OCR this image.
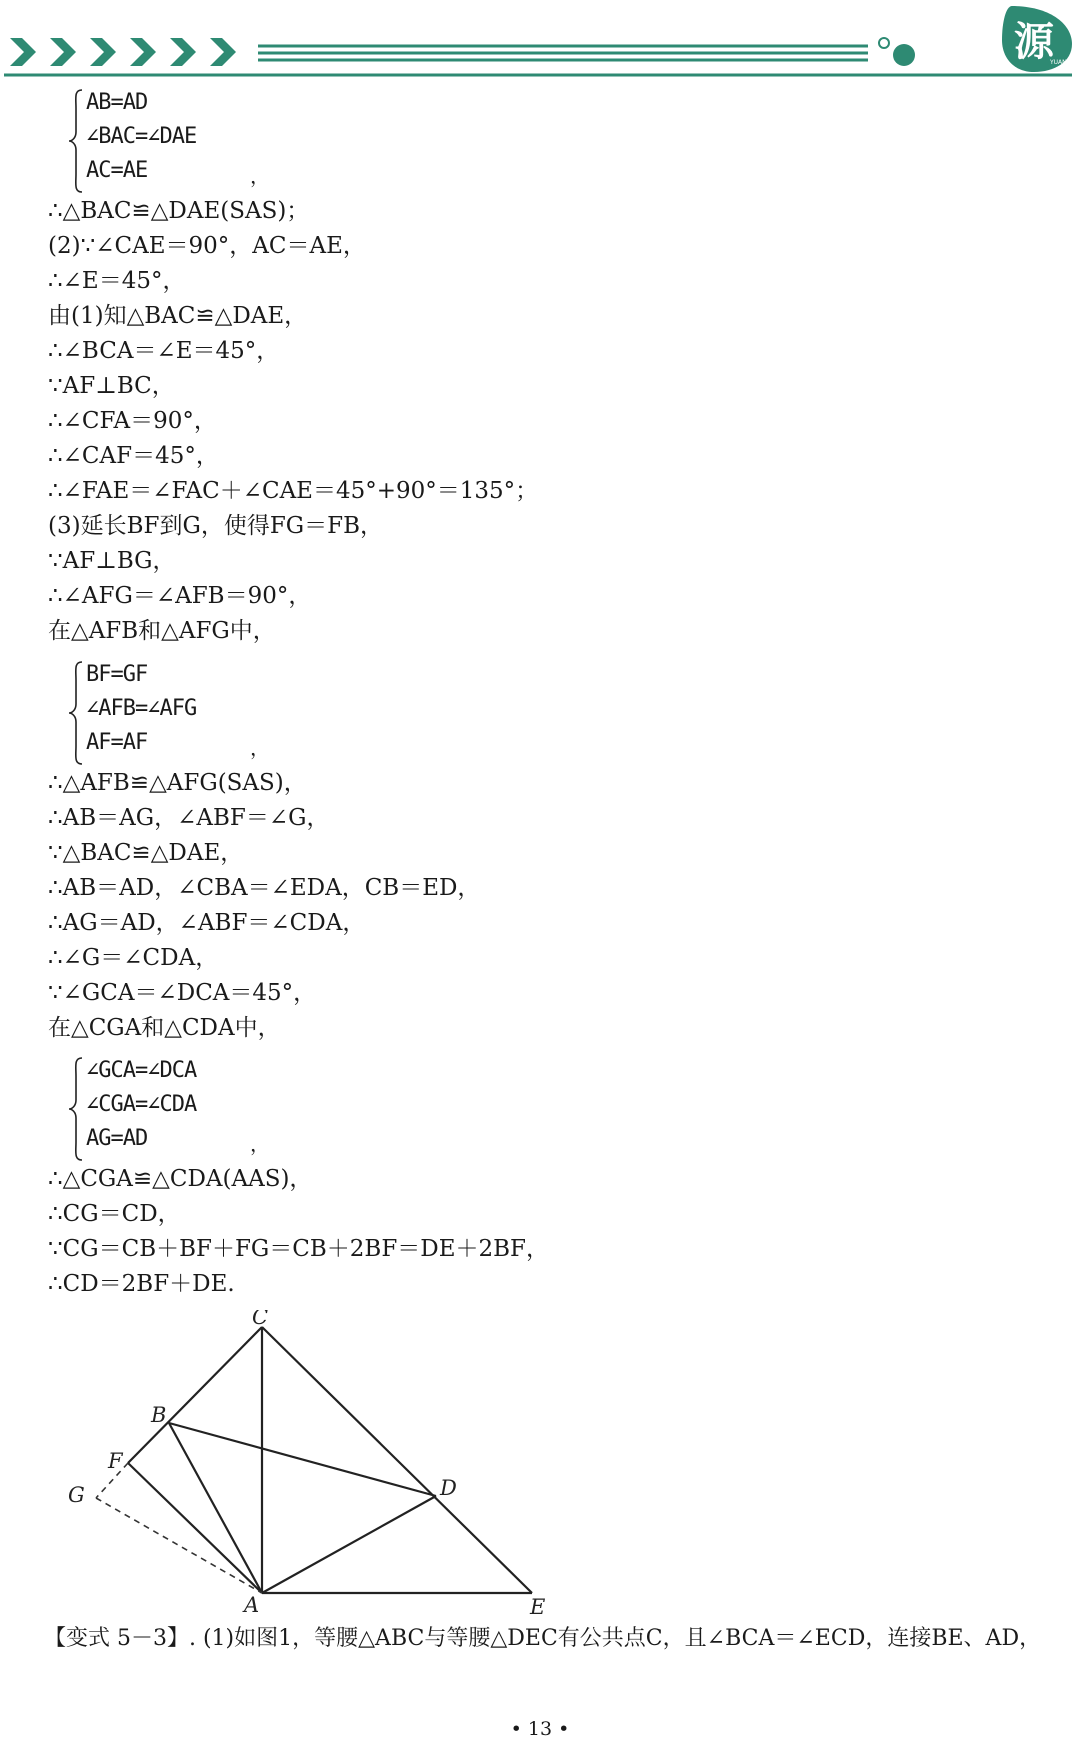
源
YUAN
AB=AD
∠BAC=∠DAE
AC=AE	，
∴△BAC≌△DAE(SAS)；
(2)∵∠CAE＝90°，AC＝AE，
∴∠E＝45°，
由(1)知△BAC≌△DAE，
∴∠BCA＝∠E＝45°，
∵AF⊥BC，
∴∠CFA＝90°，
∴∠CAF＝45°，
∴∠FAE＝∠FAC＋∠CAE＝45°+90°＝135°；
(3)延长BF到G，使得FG＝FB，
∵AF⊥BG，
∴∠AFG＝∠AFB＝90°，
在△AFB和△AFG中，
BF=GF
∠AFB=∠AFG
AF=AF	，
∴△AFB≌△AFG(SAS)，
∴AB＝AG，∠ABF＝∠G，
∵△BAC≌△DAE，
∴AB＝AD，∠CBA＝∠EDA，CB＝ED，
∴AG＝AD，∠ABF＝∠CDA，
∴∠G＝∠CDA，
∵∠GCA＝∠DCA＝45°，
在△CGA和△CDA中，
∠GCA=∠DCA
∠CGA=∠CDA
AG=AD	，
∴△CGA≌△CDA(AAS)，
∴CG＝CD，
∵CG＝CB＋BF＋FG＝CB＋2BF＝DE＋2BF，
∴CD＝2BF＋DE.
C
B
F
G	D
A	E
【变式 5－3】. (1)如图1，等腰△ABC与等腰△DEC有公共点C，且∠BCA＝∠ECD，连接BE、AD，
• 13 •
